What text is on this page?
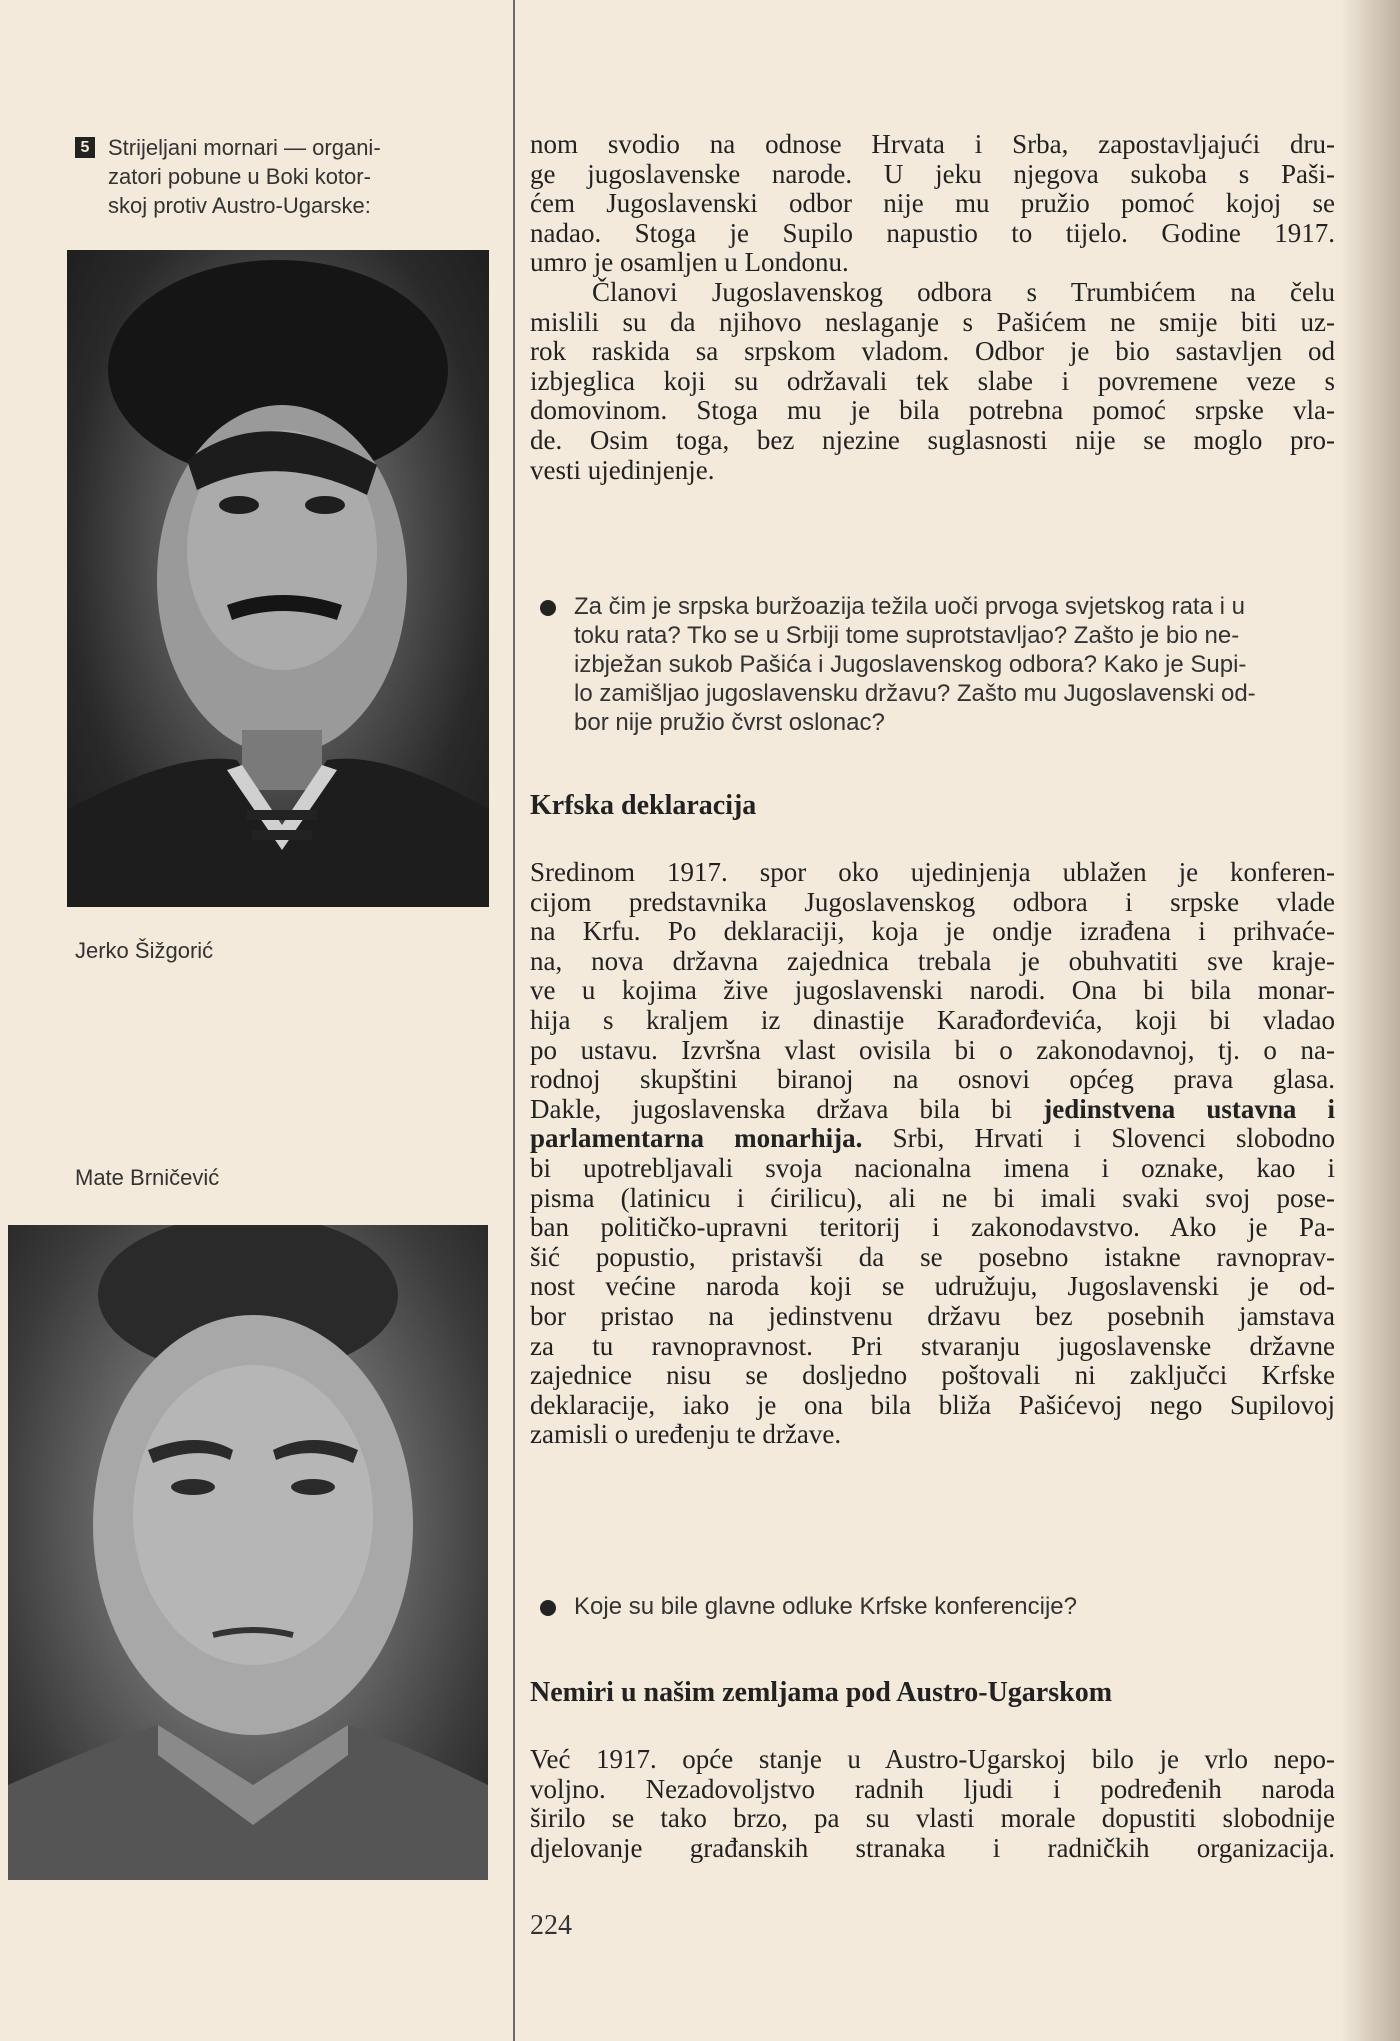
5 Strijeljani mornari — organi-
zatori pobune u Boki kotor-
skoj protiv Austro-Ugarske:
Jerko Šižgorić
Mate Brničević
nom svodio na odnose Hrvata i Srba, zapostavljajući dru-
ge jugoslavenske narode. U jeku njegova sukoba s Paši-
ćem Jugoslavenski odbor nije mu pružio pomoć kojoj se
nadao. Stoga je Supilo napustio to tijelo. Godine 1917.
umro je osamljen u Londonu.
Članovi Jugoslavenskog odbora s Trumbićem na čelu
mislili su da njihovo neslaganje s Pašićem ne smije biti uz-
rok raskida sa srpskom vladom. Odbor je bio sastavljen od
izbjeglica koji su održavali tek slabe i povremene veze s
domovinom. Stoga mu je bila potrebna pomoć srpske vla-
de. Osim toga, bez njezine suglasnosti nije se moglo pro-
vesti ujedinjenje.
Za čim je srpska buržoazija težila uoči prvoga svjetskog rata i u
toku rata? Tko se u Srbiji tome suprotstavljao? Zašto je bio ne-
izbježan sukob Pašića i Jugoslavenskog odbora? Kako je Supi-
lo zamišljao jugoslavensku državu? Zašto mu Jugoslavenski od-
bor nije pružio čvrst oslonac?
Krfska deklaracija
Sredinom 1917. spor oko ujedinjenja ublažen je konferen-
cijom predstavnika Jugoslavenskog odbora i srpske vlade
na Krfu. Po deklaraciji, koja je ondje izrađena i prihvaće-
na, nova državna zajednica trebala je obuhvatiti sve kraje-
ve u kojima žive jugoslavenski narodi. Ona bi bila monar-
hija s kraljem iz dinastije Karađorđevića, koji bi vladao
po ustavu. Izvršna vlast ovisila bi o zakonodavnoj, tj. o na-
rodnoj skupštini biranoj na osnovi općeg prava glasa.
Dakle, jugoslavenska država bila bi jedinstvena ustavna i
parlamentarna monarhija. Srbi, Hrvati i Slovenci slobodno
bi upotrebljavali svoja nacionalna imena i oznake, kao i
pisma (latinicu i ćirilicu), ali ne bi imali svaki svoj pose-
ban političko-upravni teritorij i zakonodavstvo. Ako je Pa-
šić popustio, pristavši da se posebno istakne ravnoprav-
nost većine naroda koji se udružuju, Jugoslavenski je od-
bor pristao na jedinstvenu državu bez posebnih jamstava
za tu ravnopravnost. Pri stvaranju jugoslavenske državne
zajednice nisu se dosljedno poštovali ni zaključci Krfske
deklaracije, iako je ona bila bliža Pašićevoj nego Supilovoj
zamisli o uređenju te države.
Koje su bile glavne odluke Krfske konferencije?
Nemiri u našim zemljama pod Austro-Ugarskom
Već 1917. opće stanje u Austro-Ugarskoj bilo je vrlo nepo-
voljno. Nezadovoljstvo radnih ljudi i podređenih naroda
širilo se tako brzo, pa su vlasti morale dopustiti slobodnije
djelovanje građanskih stranaka i radničkih organizacija.
224
